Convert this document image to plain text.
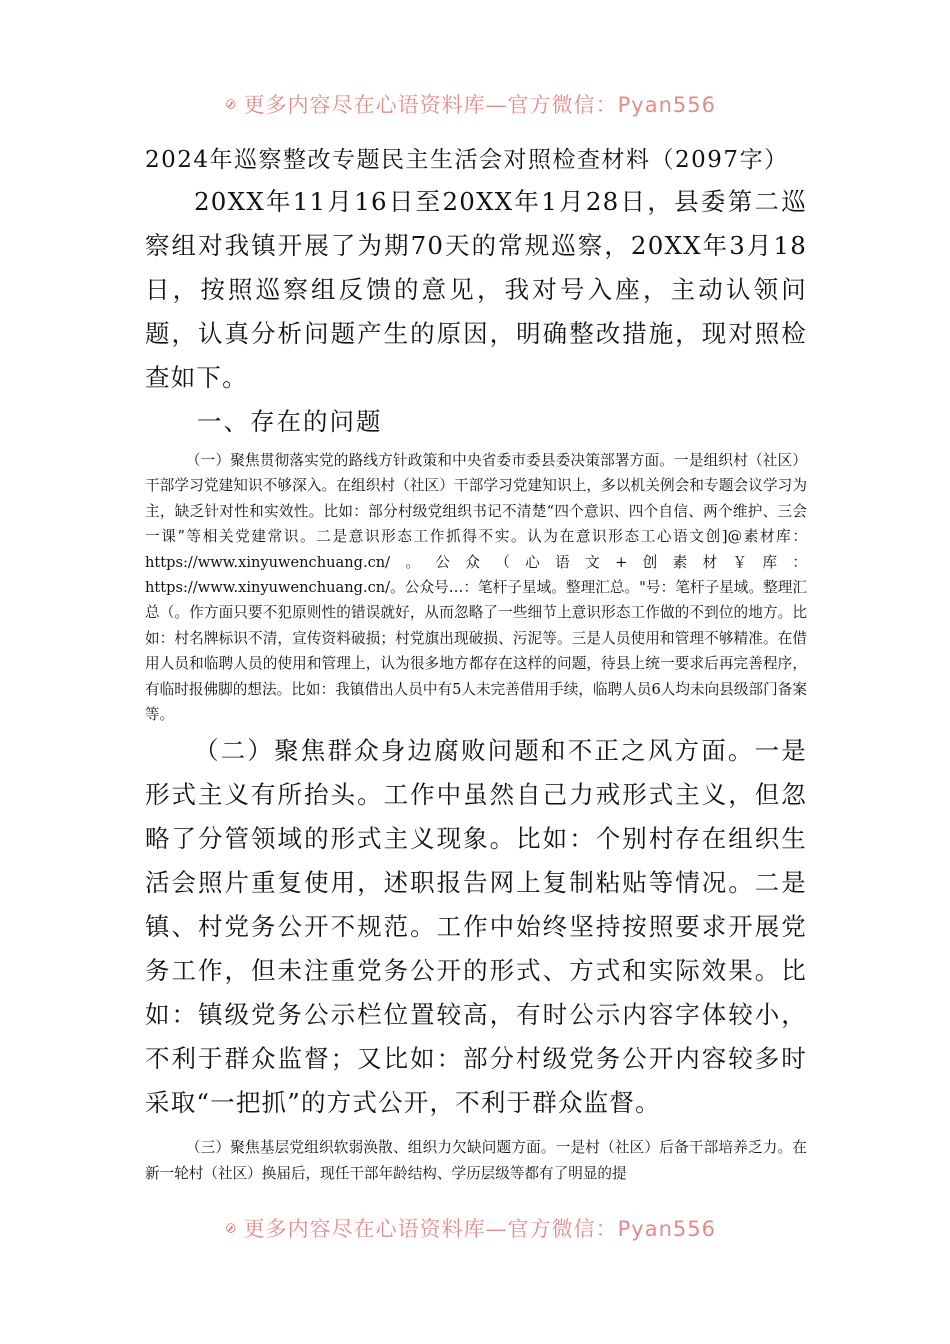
更多内容尽在心语资料库—官方微信：Pyan556

2024年巡察整改专题民主生活会对照检查材料（2097字）

20XX年11月16日至20XX年1月28日，县委第二巡察组对我镇开展了为期70天的常规巡察，20XX年3月18日，按照巡察组反馈的意见，我对号入座，主动认领问题，认真分析问题产生的原因，明确整改措施，现对照检查如下。

一、存在的问题

（一）聚焦贯彻落实党的路线方针政策和中央省委市委县委决策部署方面。一是组织村（社区）干部学习党建知识不够深入。在组织村（社区）干部学习党建知识上，多以机关例会和专题会议学习为主，缺乏针对性和实效性。比如：部分村级党组织书记不清楚“四个意识、四个自信、两个维护、三会一课”等相关党建常识。二是意识形态工作抓得不实。认为在意识形态工心语文创]@素材库：https://www.xinyuwenchuang.cn/。公众（心语文+创素材￥库：https://www.xinyuwenchuang.cn/。公众号…：笔杆子星域。整理汇总。"号：笔杆子星域。整理汇总（。作方面只要不犯原则性的错误就好，从而忽略了一些细节上意识形态工作做的不到位的地方。比如：村名牌标识不清，宣传资料破损；村党旗出现破损、污泥等。三是人员使用和管理不够精准。在借用人员和临聘人员的使用和管理上，认为很多地方都存在这样的问题，待县上统一要求后再完善程序，有临时报佛脚的想法。比如：我镇借出人员中有5人未完善借用手续，临聘人员6人均未向县级部门备案等。

（二）聚焦群众身边腐败问题和不正之风方面。一是形式主义有所抬头。工作中虽然自己力戒形式主义，但忽略了分管领域的形式主义现象。比如：个别村存在组织生活会照片重复使用，述职报告网上复制粘贴等情况。二是镇、村党务公开不规范。工作中始终坚持按照要求开展党务工作，但未注重党务公开的形式、方式和实际效果。比如：镇级党务公示栏位置较高，有时公示内容字体较小，不利于群众监督；又比如：部分村级党务公开内容较多时采取“一把抓”的方式公开，不利于群众监督。

（三）聚焦基层党组织软弱涣散、组织力欠缺问题方面。一是村（社区）后备干部培养乏力。在新一轮村（社区）换届后，现任干部年龄结构、学历层级等都有了明显的提

更多内容尽在心语资料库—官方微信：Pyan556
